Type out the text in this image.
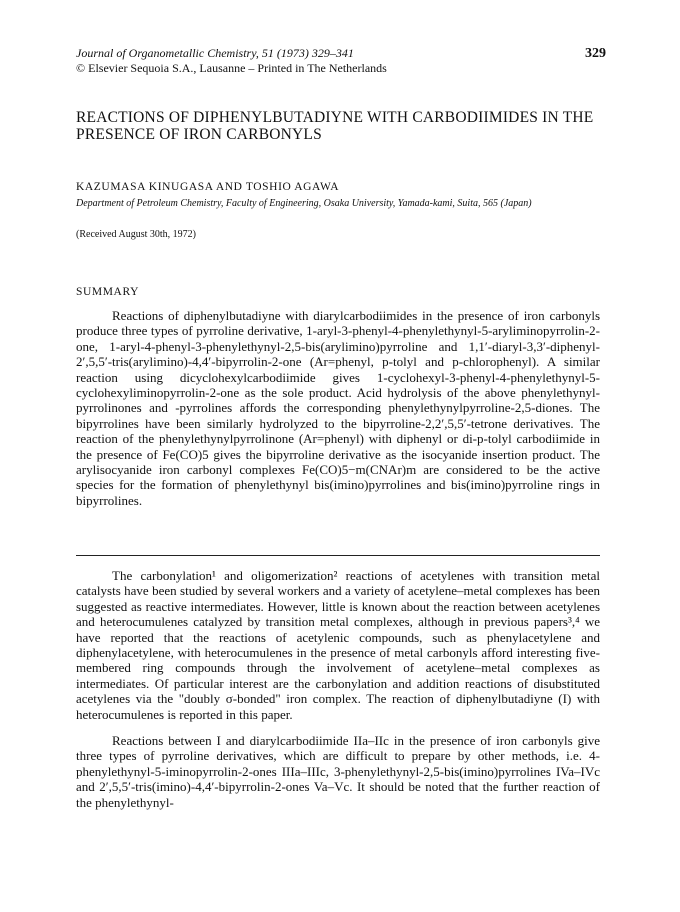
Journal of Organometallic Chemistry, 51 (1973) 329–341
© Elsevier Sequoia S.A., Lausanne – Printed in The Netherlands
329
REACTIONS OF DIPHENYLBUTADIYNE WITH CARBODIIMIDES IN THE PRESENCE OF IRON CARBONYLS
KAZUMASA KINUGASA AND TOSHIO AGAWA
Department of Petroleum Chemistry, Faculty of Engineering, Osaka University, Yamada-kami, Suita, 565 (Japan)
(Received August 30th, 1972)
SUMMARY

Reactions of diphenylbutadiyne with diarylcarbodiimides in the presence of iron carbonyls produce three types of pyrroline derivative, 1-aryl-3-phenyl-4-phenylethynyl-5-aryliminopyrrolin-2-one, 1-aryl-4-phenyl-3-phenylethynyl-2,5-bis(arylimino)pyrroline and 1,1′-diaryl-3,3′-diphenyl-2′,5,5′-tris(arylimino)-4,4′-bipyrrolin-2-one (Ar=phenyl, p-tolyl and p-chlorophenyl). A similar reaction using dicyclohexylcarbodiimide gives 1-cyclohexyl-3-phenyl-4-phenylethynyl-5-cyclohexyliminopyrrolin-2-one as the sole product. Acid hydrolysis of the above phenylethynyl-pyrrolinones and -pyrrolines affords the corresponding phenylethynylpyrroline-2,5-diones. The bipyrrolines have been similarly hydrolyzed to the bipyrroline-2,2′,5,5′-tetrone derivatives. The reaction of the phenylethynylpyrrolinone (Ar=phenyl) with diphenyl or di-p-tolyl carbodiimide in the presence of Fe(CO)5 gives the bipyrroline derivative as the isocyanide insertion product. The arylisocyanide iron carbonyl complexes Fe(CO)5−m(CNAr)m are considered to be the active species for the formation of phenylethynyl bis(imino)pyrrolines and bis(imino)pyrroline rings in bipyrrolines.

The carbonylation¹ and oligomerization² reactions of acetylenes with transition metal catalysts have been studied by several workers and a variety of acetylene–metal complexes has been suggested as reactive intermediates. However, little is known about the reaction between acetylenes and heterocumulenes catalyzed by transition metal complexes, although in previous papers³,⁴ we have reported that the reactions of acetylenic compounds, such as phenylacetylene and diphenylacetylene, with heterocumulenes in the presence of metal carbonyls afford interesting five-membered ring compounds through the involvement of acetylene–metal complexes as intermediates. Of particular interest are the carbonylation and addition reactions of disubstituted acetylenes via the "doubly σ-bonded" iron complex. The reaction of diphenylbutadiyne (I) with heterocumulenes is reported in this paper.

Reactions between I and diarylcarbodiimide IIa–IIc in the presence of iron carbonyls give three types of pyrroline derivatives, which are difficult to prepare by other methods, i.e. 4-phenylethynyl-5-iminopyrrolin-2-ones IIIa–IIIc, 3-phenylethynyl-2,5-bis(imino)pyrrolines IVa–IVc and 2′,5,5′-tris(imino)-4,4′-bipyrrolin-2-ones Va–Vc. It should be noted that the further reaction of the phenylethynyl-
